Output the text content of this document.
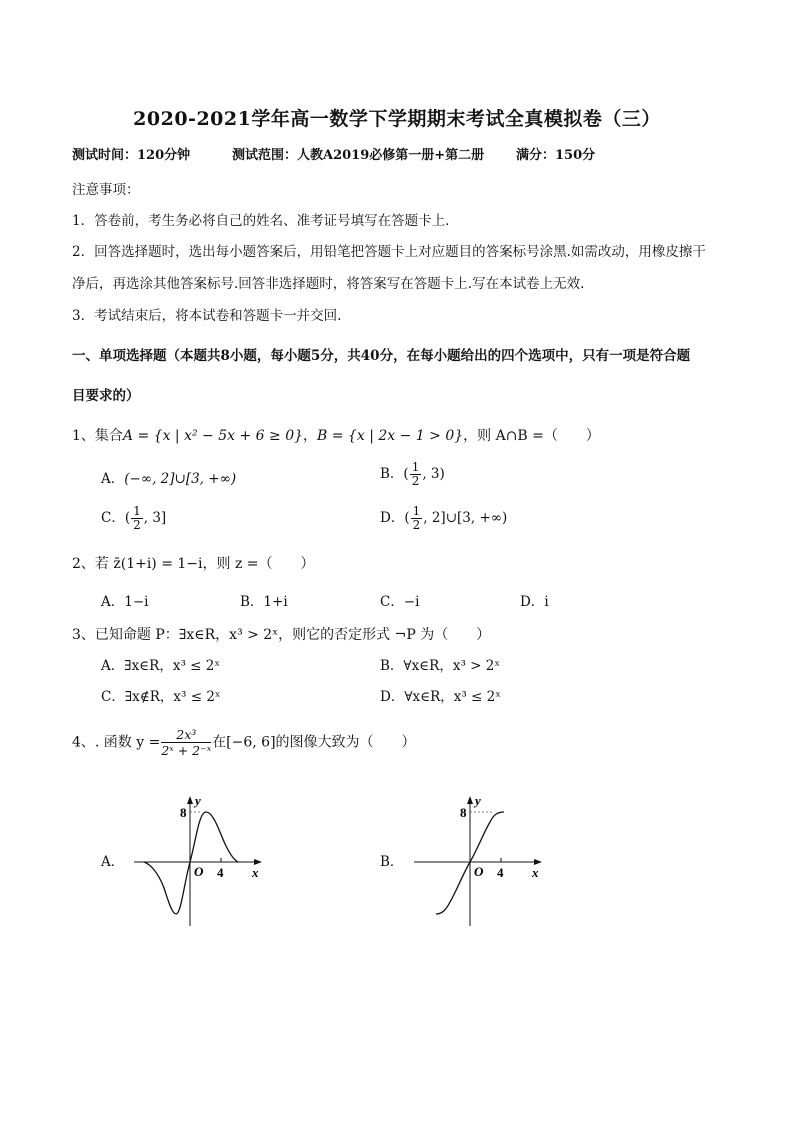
2020-2021学年高一数学下学期期末考试全真模拟卷（三）
测试时间：120分钟	测试范围：人教A2019必修第一册+第二册 满分：150分
注意事项：
1．答卷前，考生务必将自己的姓名、准考证号填写在答题卡上．
2．回答选择题时，选出每小题答案后，用铅笔把答题卡上对应题目的答案标号涂黑.如需改动，用橡皮擦干
净后，再选涂其他答案标号.回答非选择题时，将答案写在答题卡上.写在本试卷上无效.
3．考试结束后，将本试卷和答题卡一并交回.
一、单项选择题（本题共8小题，每小题5分，共40分，在每小题给出的四个选项中，只有一项是符合题
目要求的）
1、集合A = {x | x² − 5x + 6 ≥ 0}，B = {x | 2x − 1 > 0}，则 A∩B =（　　）
A．(−∞, 2]∪[3, +∞)	B．( $\frac{1}{2}$ , 3)
C．( $\frac{1}{2}$ , 3]	D．( $\frac{1}{2}$ , 2]∪[3, +∞)
2、若 z̄(1+i) = 1−i，则 z =（　　）
A．1−i	B．1+i	C．−i	D．i
3、已知命题 P：∃x∈R，x³ > 2ˣ，则它的否定形式 ¬P 为（　　）
A．∃x∈R，x³ ≤ 2ˣ	B．∀x∈R，x³ > 2ˣ
C．∃x∉R，x³ ≤ 2ˣ	D．∀x∈R，x³ ≤ 2ˣ
4、. 函数 $y = \frac{\text{2x³}}{\text{2ˣ + 2⁻ˣ}}$ 在[−6, 6]的图像大致为（　　）
A．	B．
8
y
O 4 x
8
y
O 4 x
